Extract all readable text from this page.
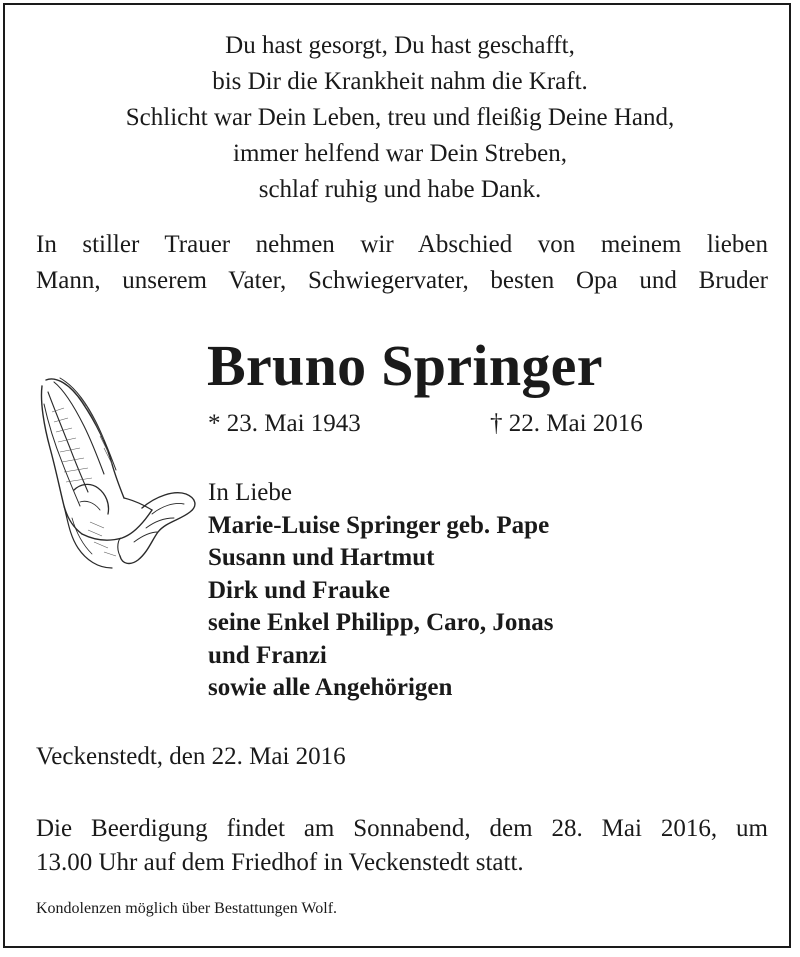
Du hast gesorgt, Du hast geschafft,
bis Dir die Krankheit nahm die Kraft.
Schlicht war Dein Leben, treu und fleißig Deine Hand,
immer helfend war Dein Streben,
schlaf ruhig und habe Dank.
In stiller Trauer nehmen wir Abschied von meinem lieben
Mann, unserem Vater, Schwiegervater, besten Opa und Bruder
Bruno Springer
* 23. Mai 1943	† 22. Mai 2016
In Liebe
Marie-Luise Springer geb. Pape
Susann und Hartmut
Dirk und Frauke
seine Enkel Philipp, Caro, Jonas
und Franzi
sowie alle Angehörigen
Veckenstedt, den 22. Mai 2016
Die Beerdigung findet am Sonnabend, dem 28. Mai 2016, um
13.00 Uhr auf dem Friedhof in Veckenstedt statt.
Kondolenzen möglich über Bestattungen Wolf.
